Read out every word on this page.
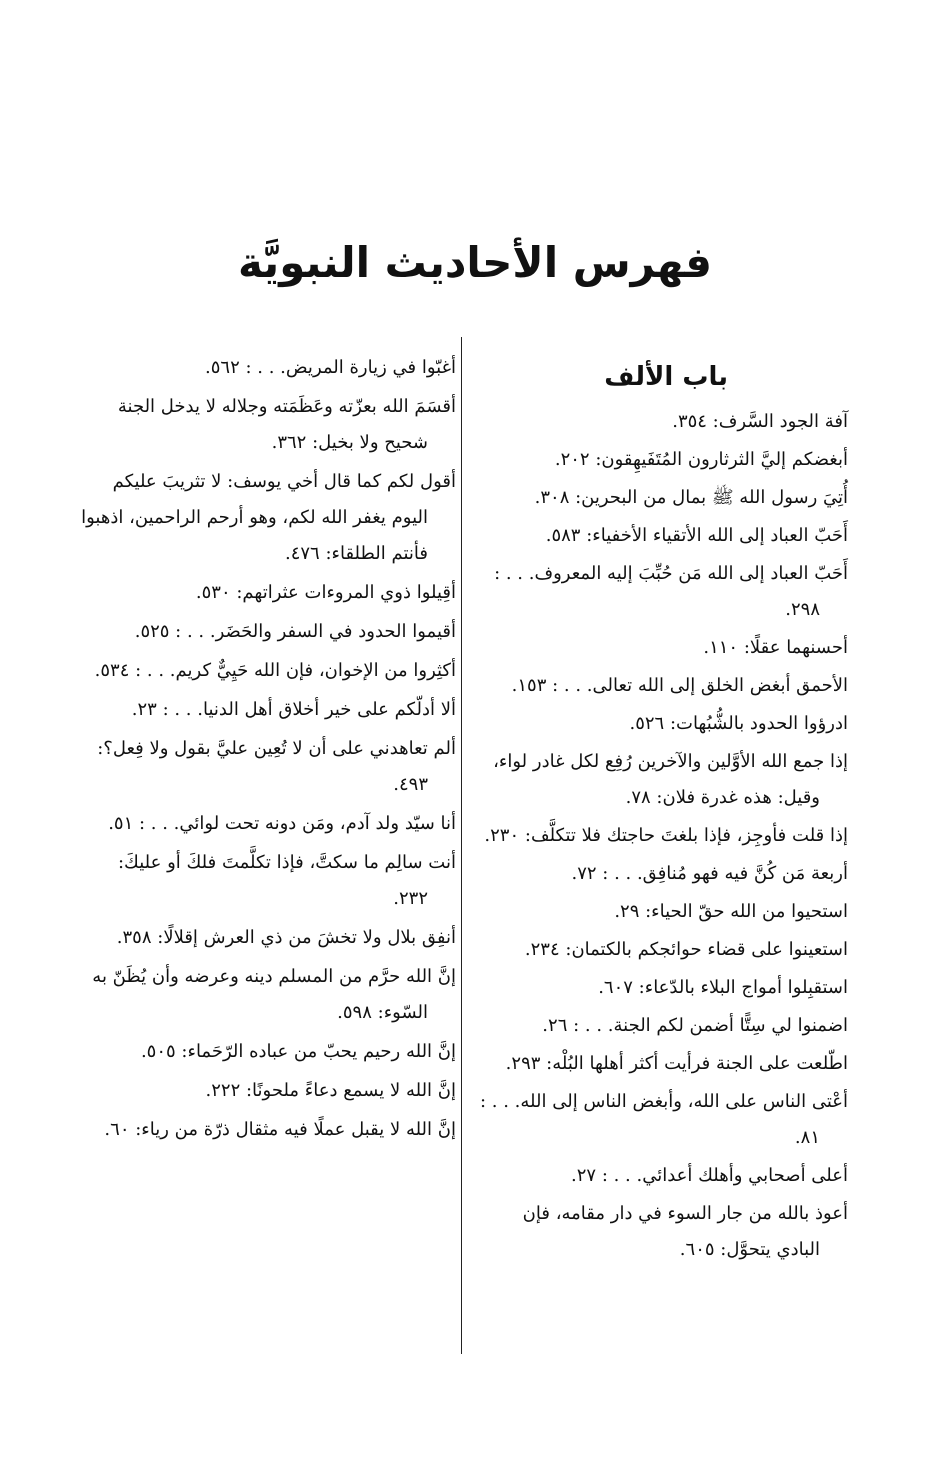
فهرس الأحاديث النبويَّة
باب الألف

آفة الجود السَّرف: ٣٥٤.

أبغضكم إليَّ الثرثارون المُتَفَيهِقون: ٢٠٢.

أُتِيَ رسول الله ﷺ بمال من البحرين: ٣٠٨.

أَحَبّ العباد إلى الله الأتقياء الأخفياء: ٥٨٣.

أَحَبّ العباد إلى الله مَن حُبِّبَ إليه المعروف. . . : ٢٩٨.

أحسنهما عقلًا: ١١٠.

الأحمق أبغض الخلق إلى الله تعالى. . . : ١٥٣.

ادرؤوا الحدود بالشُّبُهات: ٥٢٦.

إذا جمع الله الأوَّلين والآخرين رُفِع لكل غادر لواء، وقيل: هذه غدرة فلان: ٧٨.

إذا قلت فأوجِز، فإذا بلغتَ حاجتك فلا تتكلَّف: ٢٣٠.

أربعة مَن كُنَّ فيه فهو مُنافِق. . . : ٧٢.

استحيوا من الله حقّ الحياء: ٢٩.

استعينوا على قضاء حوائجكم بالكتمان: ٢٣٤.

استقبِلوا أمواج البلاء بالدّعاء: ٦٠٧.

اضمنوا لي سِتًّا أضمن لكم الجنة. . . : ٢٦.

اطّلعت على الجنة فرأيت أكثر أهلها البُلْه: ٢٩٣.

أعْتى الناس على الله، وأبغض الناس إلى الله. . . : ٨١.

أعلى أصحابي وأهلك أعدائي. . . : ٢٧.

أعوذ بالله من جار السوء في دار مقامه، فإن البادي يتحوَّل: ٦٠٥.

أغبّوا في زيارة المريض. . . : ٥٦٢.

أقسَمَ الله بعزّته وعَظَمَته وجلاله لا يدخل الجنة شحيح ولا بخيل: ٣٦٢.

أقول لكم كما قال أخي يوسف: لا تثريبَ عليكم اليوم يغفر الله لكم، وهو أرحم الراحمين، اذهبوا فأنتم الطلقاء: ٤٧٦.

أقِيلوا ذوي المروءات عثراتهم: ٥٣٠.

أقيموا الحدود في السفر والحَضَر. . . : ٥٢٥.

أكثِروا من الإخوان، فإن الله حَيِيٌّ كريم. . . : ٥٣٤.

ألا أدلّكم على خير أخلاق أهل الدنيا. . . : ٢٣.

ألم تعاهدني على أن لا تُعِين عليَّ بقول ولا فِعل؟: ٤٩٣.

أنا سيّد ولد آدم، ومَن دونه تحت لوائي. . . : ٥١.

أنت سالِم ما سكتَّ، فإذا تكلَّمتَ فلكَ أو عليكَ: ٢٣٢.

أنفِق بلال ولا تخشَ من ذي العرش إقلالًا: ٣٥٨.

إنَّ الله حرَّم من المسلم دينه وعرضه وأن يُظَنّ به السّوء: ٥٩٨.

إنَّ الله رحيم يحبّ من عباده الرّحَماء: ٥٠٥.

إنَّ الله لا يسمع دعاءً ملحونًا: ٢٢٢.

إنَّ الله لا يقبل عملًا فيه مثقال ذرّة من رياء: ٦٠.
